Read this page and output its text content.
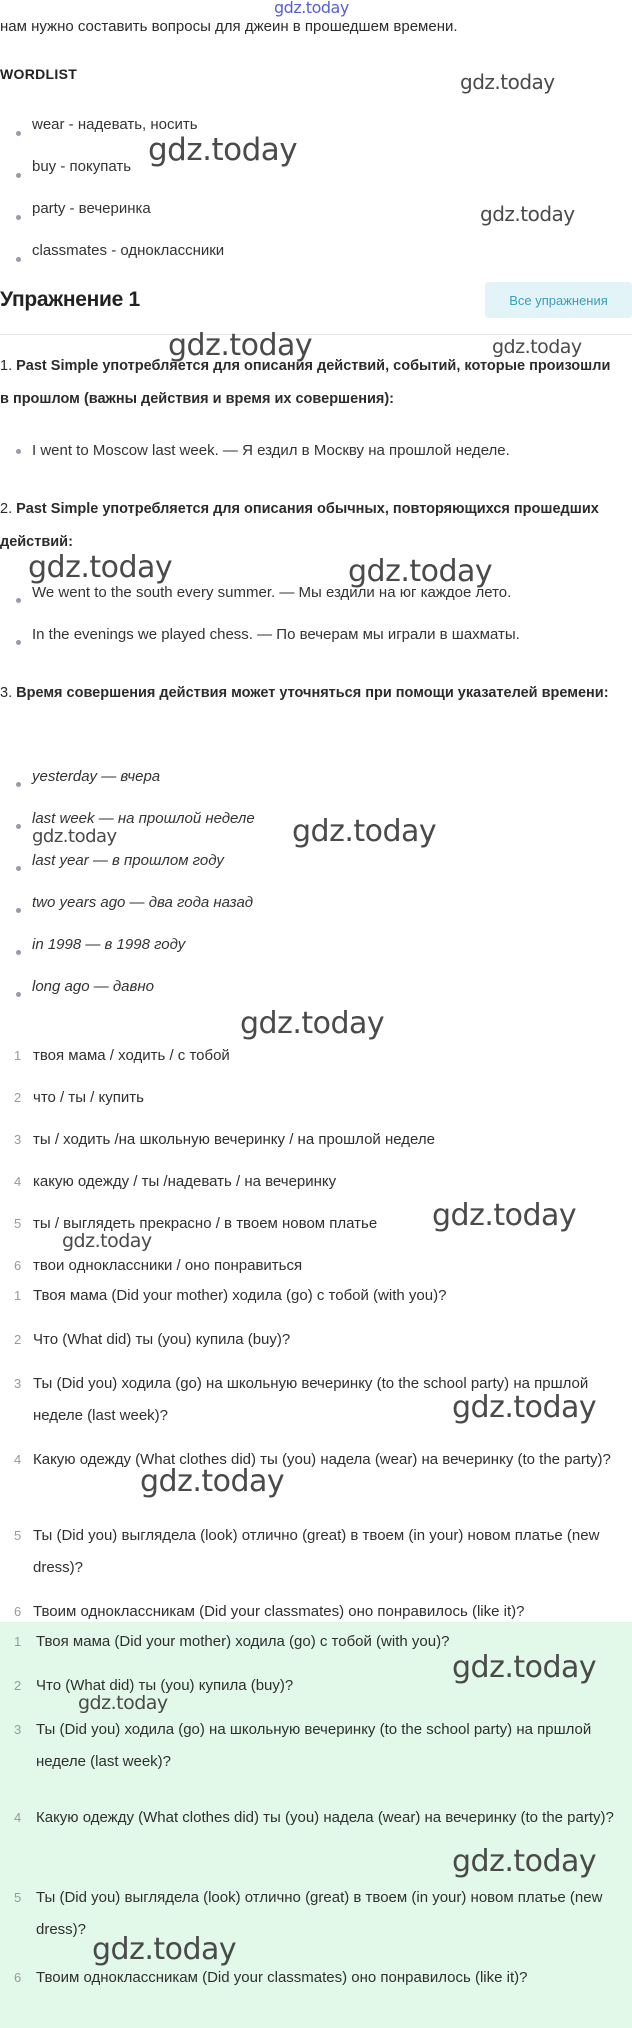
gdz.today
нам нужно составить вопросы для джеин в прошедшем времени.
WORDLIST
wear - надевать, носить
buy - покупать
party - вечеринка
classmates - одноклассники
Упражнение 1	Все упражнения
1. Past Simple употребляется для описания действий, событий, которые произошли в прошлом (важны действия и время их совершения):
I went to Moscow last week. — Я ездил в Москву на прошлой неделе.
2. Past Simple употребляется для описания обычных, повторяющихся прошедших действий:
We went to the south every summer. — Мы ездили на юг каждое лето.
In the evenings we played chess. — По вечерам мы играли в шахматы.
3. Время совершения действия может уточняться при помощи указателей времени:
yesterday — вчера
last week — на прошлой неделе
last year — в прошлом году
two years ago — два года назад
in 1998 — в 1998 году
long ago — давно
1 твоя мама / ходить / с тобой
2 что / ты / купить
3 ты / ходить /на школьную вечеринку / на прошлой неделе
4 какую одежду / ты /надевать / на вечеринку
5 ты / выглядеть прекрасно / в твоем новом платье
6 твои одноклассники / оно понравиться
1 Твоя мама (Did your mother) ходила (go) с тобой (with you)?
2 Что (What did) ты (you) купила (buy)?
3 Ты (Did you) ходила (go) на школьную вечеринку (to the school party) на пршлой неделе (last week)?
4 Какую одежду (What clothes did) ты (you) надела (wear) на вечеринку (to the party)?
5 Ты (Did you) выглядела (look) отлично (great) в твоем (in your) новом платье (new dress)?
6 Твоим одноклассникам (Did your classmates) оно понравилось (like it)?
1 Твоя мама (Did your mother) ходила (go) с тобой (with you)?
2 Что (What did) ты (you) купила (buy)?
3 Ты (Did you) ходила (go) на школьную вечеринку (to the school party) на пршлой неделе (last week)?
4 Какую одежду (What clothes did) ты (you) надела (wear) на вечеринку (to the party)?
5 Ты (Did you) выглядела (look) отлично (great) в твоем (in your) новом платье (new dress)?
6 Твоим одноклассникам (Did your classmates) оно понравилось (like it)?
gdz.today
gdz.today
gdz.today
gdz.today	gdz.today
gdz.today	gdz.today
gdz.today	gdz.today
gdz.today
gdz.today
gdz.today
gdz.today
gdz.today
gdz.today
gdz.today
gdz.today
gdz.today
